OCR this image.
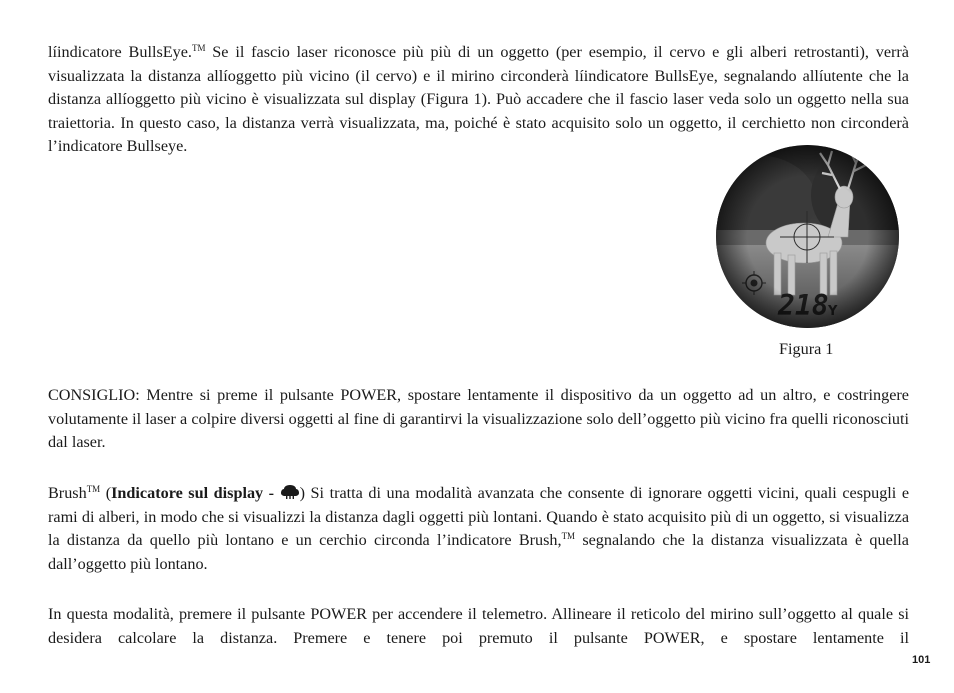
líindicatore BullsEye.™ Se il fascio laser riconosce più più di un oggetto (per esempio, il cervo e gli alberi retrostanti), verrà visualizzata la distanza allíoggetto più vicino (il cervo) e il mirino circonderà líindicatore BullsEye, segnalando allíutente che la distanza allíoggetto più vicino è visualizzata sul display (Figura 1). Può accadere che il fascio laser veda solo un oggetto nella sua traiettoria. In questo caso, la distanza verrà visualizzata, ma, poiché è stato acquisito solo un oggetto, il cerchietto non circonderà l’indicatore Bullseye.

Figura 1

CONSIGLIO: Mentre si preme il pulsante POWER, spostare lentamente il dispositivo da un oggetto ad un altro, e costringere volutamente il laser a colpire diversi oggetti al fine di garantirvi la visualizzazione solo dell’oggetto più vicino fra quelli riconosciuti dal laser.

Brush™ (Indicatore sul display - ) Si tratta di una modalità avanzata che consente di ignorare oggetti vicini, quali cespugli e rami di alberi, in modo che si visualizzi la distanza dagli oggetti più lontani. Quando è stato acquisito più di un oggetto, si visualizza la distanza da quello più lontano e un cerchio circonda l’indicatore Brush,™ segnalando che la distanza visualizzata è quella dall’oggetto più lontano.

In questa modalità, premere il pulsante POWER per accendere il telemetro. Allineare il reticolo del mirino sull’oggetto al quale si desidera calcolare la distanza. Premere e tenere poi premuto il pulsante POWER, e spostare lentamente il

101
